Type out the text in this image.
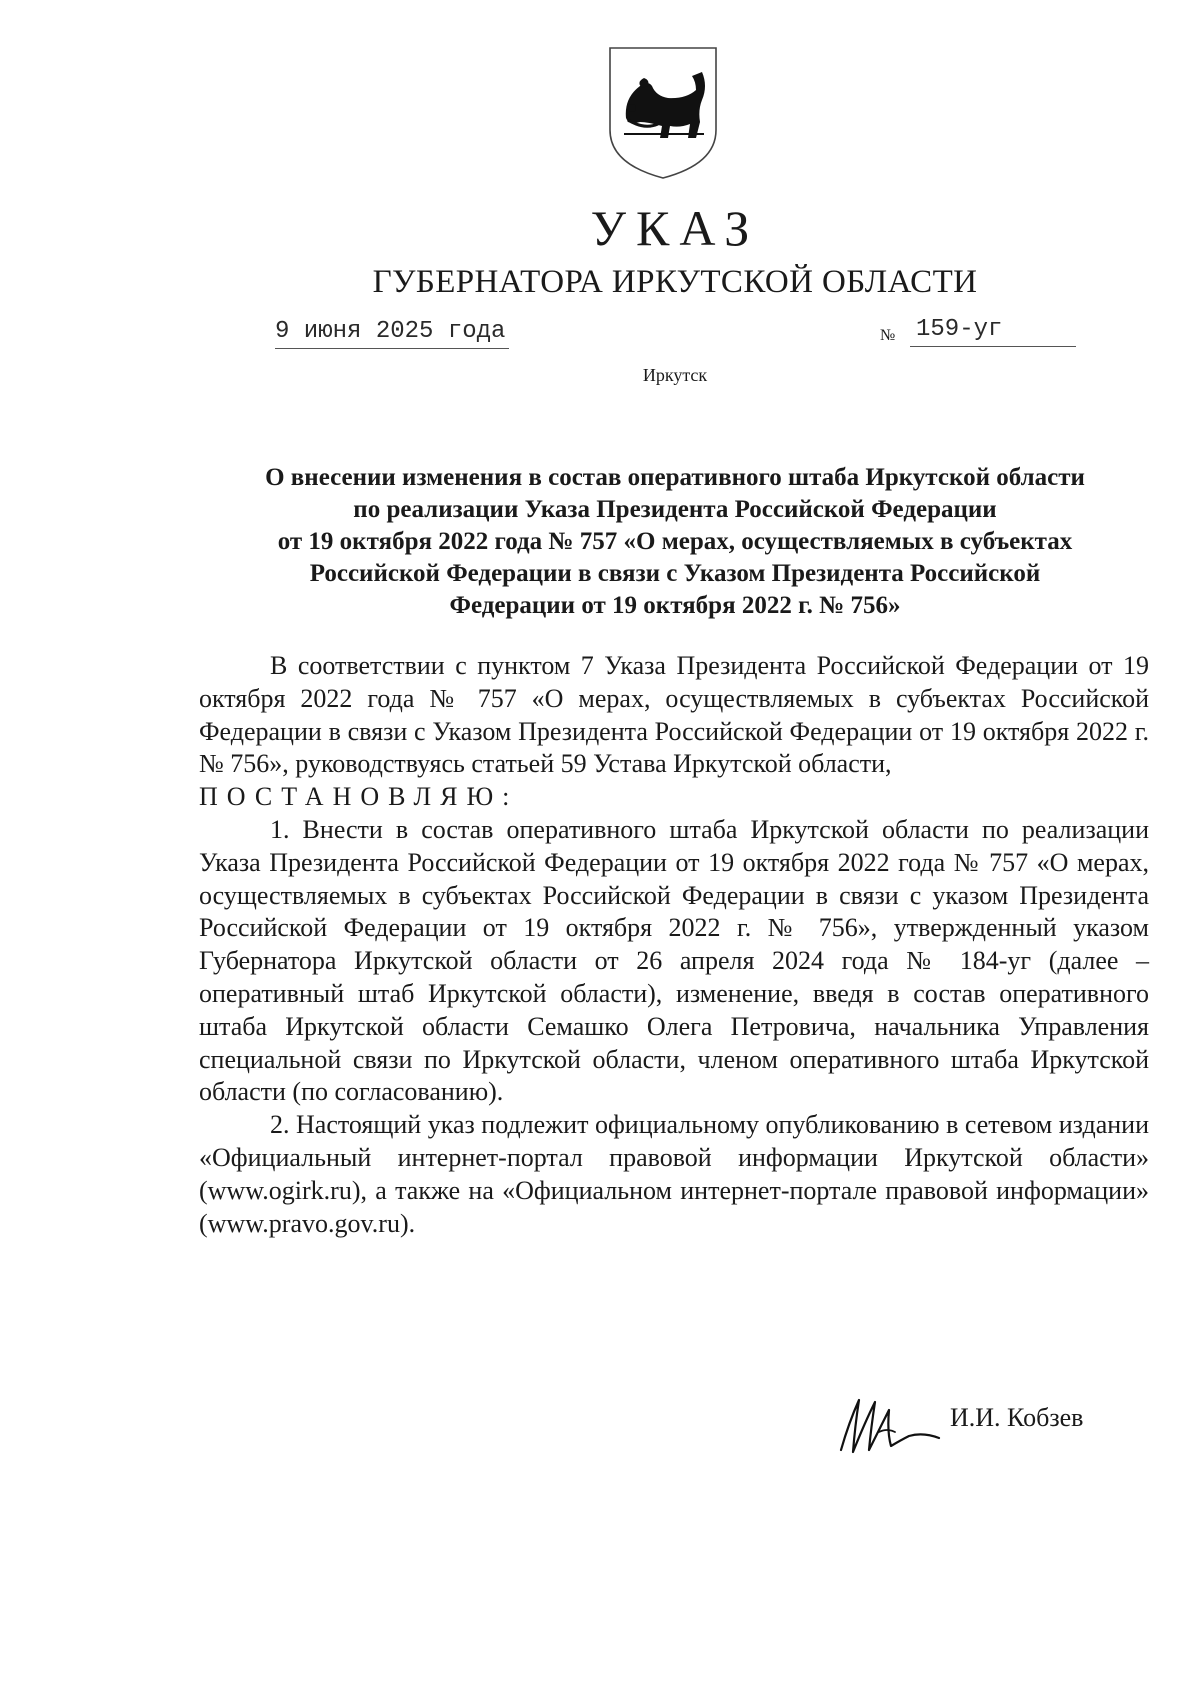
УКАЗ
ГУБЕРНАТОРА ИРКУТСКОЙ ОБЛАСТИ
9 июня 2025 года	№ 159-уг
Иркутск
О внесении изменения в состав оперативного штаба Иркутской области
по реализации Указа Президента Российской Федерации
от 19 октября 2022 года № 757 «О мерах, осуществляемых в субъектах
Российской Федерации в связи с Указом Президента Российской
Федерации от 19 октября 2022 г. № 756»

В соответствии с пунктом 7 Указа Президента Российской Федерации от 19 октября 2022 года № 757 «О мерах, осуществляемых в субъектах Российской Федерации в связи с Указом Президента Российской Федерации от 19 октября 2022 г. № 756», руководствуясь статьей 59 Устава Иркутской области,

ПОСТАНОВЛЯЮ:

1. Внести в состав оперативного штаба Иркутской области по реализации Указа Президента Российской Федерации от 19 октября 2022 года № 757 «О мерах, осуществляемых в субъектах Российской Федерации в связи с указом Президента Российской Федерации от 19 октября 2022 г. № 756», утвержденный указом Губернатора Иркутской области от 26 апреля 2024 года № 184-уг (далее – оперативный штаб Иркутской области), изменение, введя в состав оперативного штаба Иркутской области Семашко Олега Петровича, начальника Управления специальной связи по Иркутской области, членом оперативного штаба Иркутской области (по согласованию).

2. Настоящий указ подлежит официальному опубликованию в сетевом издании «Официальный интернет-портал правовой информации Иркутской области» (www.ogirk.ru), а также на «Официальном интернет-портале правовой информации» (www.pravo.gov.ru).

И.И. Кобзев
